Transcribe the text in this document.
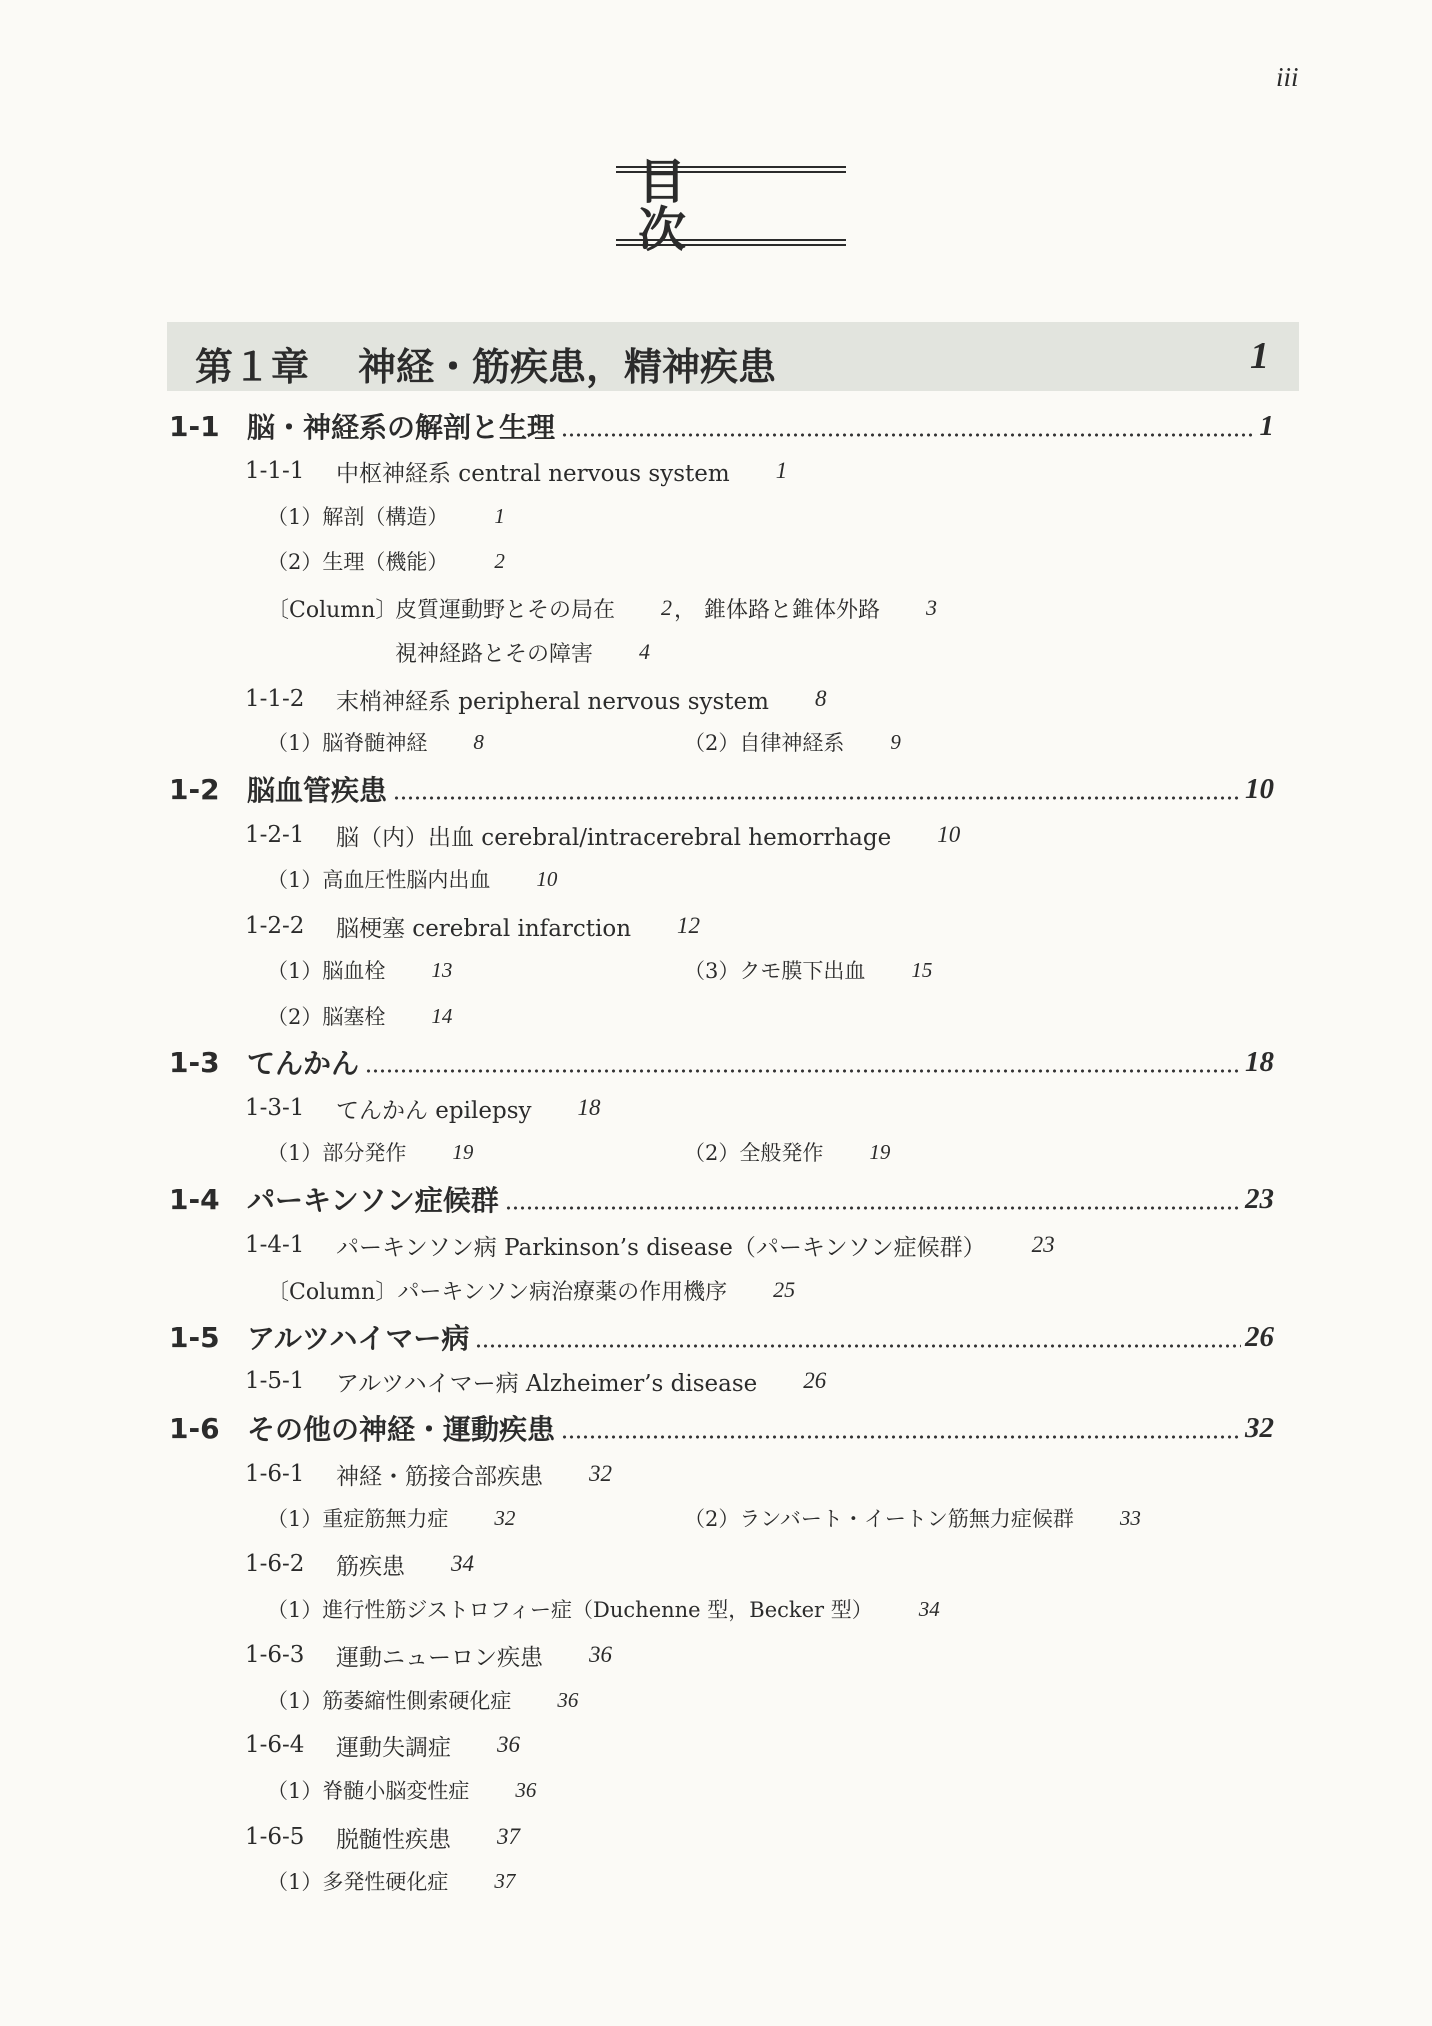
iii
目　次
第１章 神経・筋疾患，精神疾患	1
1-1 脳・神経系の解剖と生理	1
1-1-1	中枢神経系 central nervous system 1
（1）解剖（構造） 1
（2）生理（機能） 2
〔Column〕
皮質運動野とその局在 2 ， 錐体路と錐体外路 3
視神経路とその障害 4
1-1-2	末梢神経系 peripheral nervous system 8
（1）脳脊髄神経 8	（2）自律神経系 9
1-2 脳血管疾患	10
1-2-1	脳（内）出血 cerebral/intracerebral hemorrhage 10
（1）高血圧性脳内出血 10
1-2-2	脳梗塞 cerebral infarction 12
（1）脳血栓 13	（3）クモ膜下出血 15
（2）脳塞栓 14
1-3 てんかん	18
1-3-1	てんかん epilepsy 18
（1）部分発作 19	（2）全般発作 19
1-4 パーキンソン症候群	23
1-4-1	パーキンソン病 Parkinson’s disease（パーキンソン症候群） 23
〔Column〕 パーキンソン病治療薬の作用機序 25
1-5 アルツハイマー病	26
1-5-1	アルツハイマー病 Alzheimer’s disease 26
1-6 その他の神経・運動疾患	32
1-6-1	神経・筋接合部疾患 32
（1）重症筋無力症 32	（2）ランバート・イートン筋無力症候群 33
1-6-2	筋疾患 34
（1）進行性筋ジストロフィー症（Duchenne 型，Becker 型） 34
1-6-3	運動ニューロン疾患 36
（1）筋萎縮性側索硬化症 36
1-6-4	運動失調症 36
（1）脊髄小脳変性症 36
1-6-5	脱髄性疾患 37
（1）多発性硬化症 37
